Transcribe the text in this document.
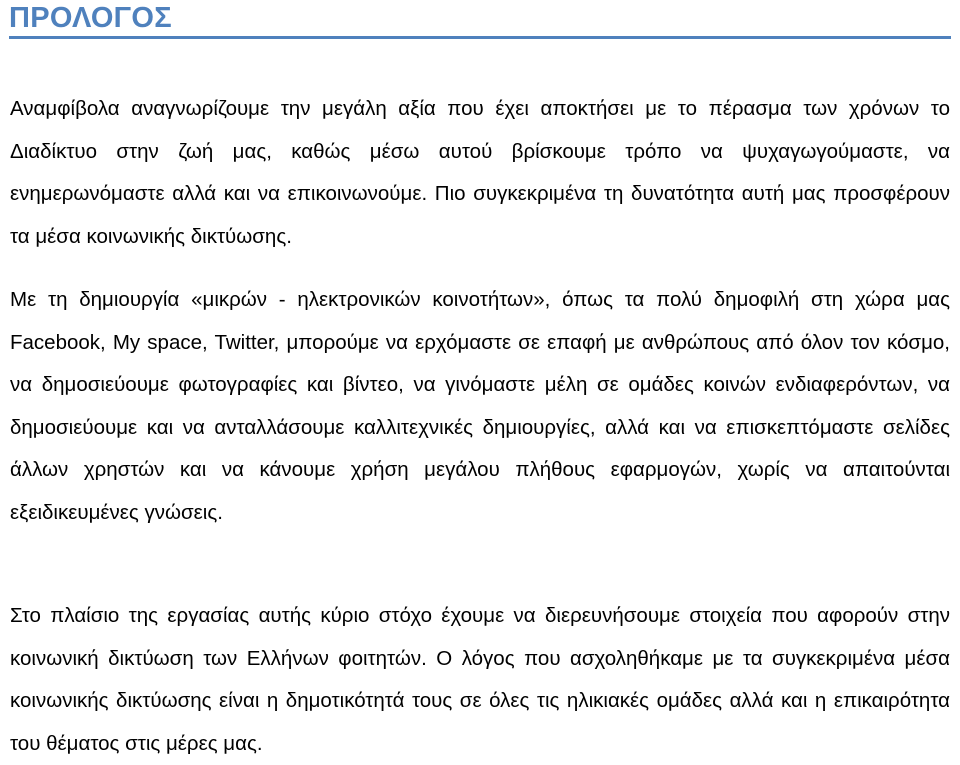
ΠΡΟΛΟΓΟΣ

Αναμφίβολα αναγνωρίζουμε την μεγάλη αξία που έχει αποκτήσει με το πέρασμα των χρόνων το Διαδίκτυο στην ζωή μας, καθώς μέσω αυτού βρίσκουμε τρόπο να ψυχαγωγούμαστε, να ενημερωνόμαστε αλλά και να επικοινωνούμε. Πιο συγκεκριμένα τη δυνατότητα αυτή μας προσφέρουν τα μέσα κοινωνικής δικτύωσης.

Με τη δημιουργία «μικρών - ηλεκτρονικών κοινοτήτων», όπως τα πολύ δημοφιλή στη χώρα μας Facebook, My space, Twitter, μπορούμε να ερχόμαστε σε επαφή με ανθρώπους από όλον τον κόσμο, να δημοσιεύουμε φωτογραφίες και βίντεο, να γινόμαστε μέλη σε ομάδες κοινών ενδιαφερόντων, να δημοσιεύουμε και να ανταλλάσουμε καλλιτεχνικές δημιουργίες, αλλά και να επισκεπτόμαστε σελίδες άλλων χρηστών και να κάνουμε χρήση μεγάλου πλήθους εφαρμογών, χωρίς να απαιτούνται εξειδικευμένες γνώσεις.

Στο πλαίσιο της εργασίας αυτής κύριο στόχο έχουμε να διερευνήσουμε στοιχεία που αφορούν στην κοινωνική δικτύωση των Ελλήνων φοιτητών. Ο λόγος που ασχοληθήκαμε με τα συγκεκριμένα μέσα κοινωνικής δικτύωσης είναι η δημοτικότητά τους σε όλες τις ηλικιακές ομάδες αλλά και η επικαιρότητα του θέματος στις μέρες μας.
